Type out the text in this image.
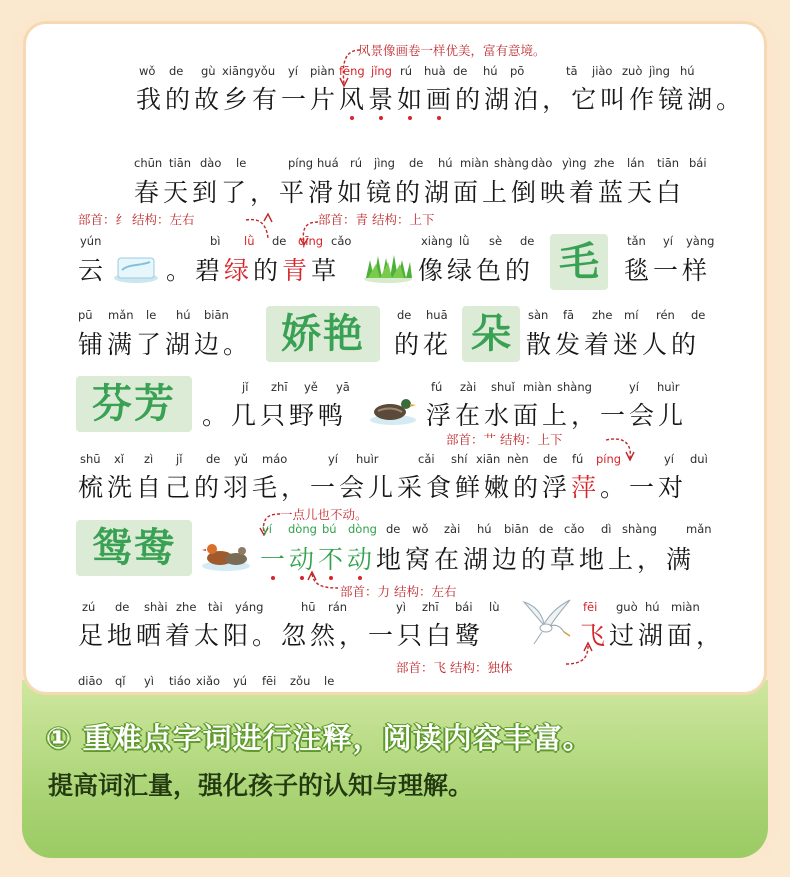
风景像画卷一样优美，富有意境。
wǒ de gù xiāng yǒu yí piàn fēng jǐng rú huà de hú pō	tā jiào zuò jìng hú
我的故乡有一片风景
如
画
的湖泊，它叫作镜湖。
chūn tiān dào le	píng huá rú jìng de hú miàn shàng dào yìng zhe lán tiān bái
春天到了，平滑如镜的湖面上倒映着蓝天白
部首：纟 结构：左右	部首：青 结构：上下
yún	bì lǜ de qīng cǎo	xiàng lǜ sè de	tǎn yí yàng
云 。碧绿的青草	像绿色的 毛	毯一样
pū mǎn le hú biān	de huā	sàn fā zhe mí rén de
铺满了湖边。 娇艳	的花 朵 散发着迷人的
芬芳	jǐ zhī yě yā	fú zài shuǐ miàn shàng	yí huìr
。几只野鸭	浮在水面上，一会儿
部首：艹 结构：上下
shū xǐ zì jǐ de yǔ máo	yí huìr	cǎi shí xiān nèn de fú píng	yí duì
梳洗自己的羽毛，一会儿采食鲜嫩的浮萍。一对
一点儿也不动。
鸳鸯	yí dòng bú dòng de wǒ zài hú biān de cǎo dì shàng	mǎn
一动
不动
地窝在湖边的草地上，满
部首：力 结构：左右
zú de shài zhe tài yáng	hū rán	yì zhī bái lù	fēi guò hú miàn
足地晒着太阳。忽然，一只白鹭	飞过湖面，
部首：飞 结构：独体
diāo qǐ yì tiáo xiǎo yú fēi zǒu le
① 重难点字词进行注释，阅读内容丰富。
提高词汇量，强化孩子的认知与理解。
